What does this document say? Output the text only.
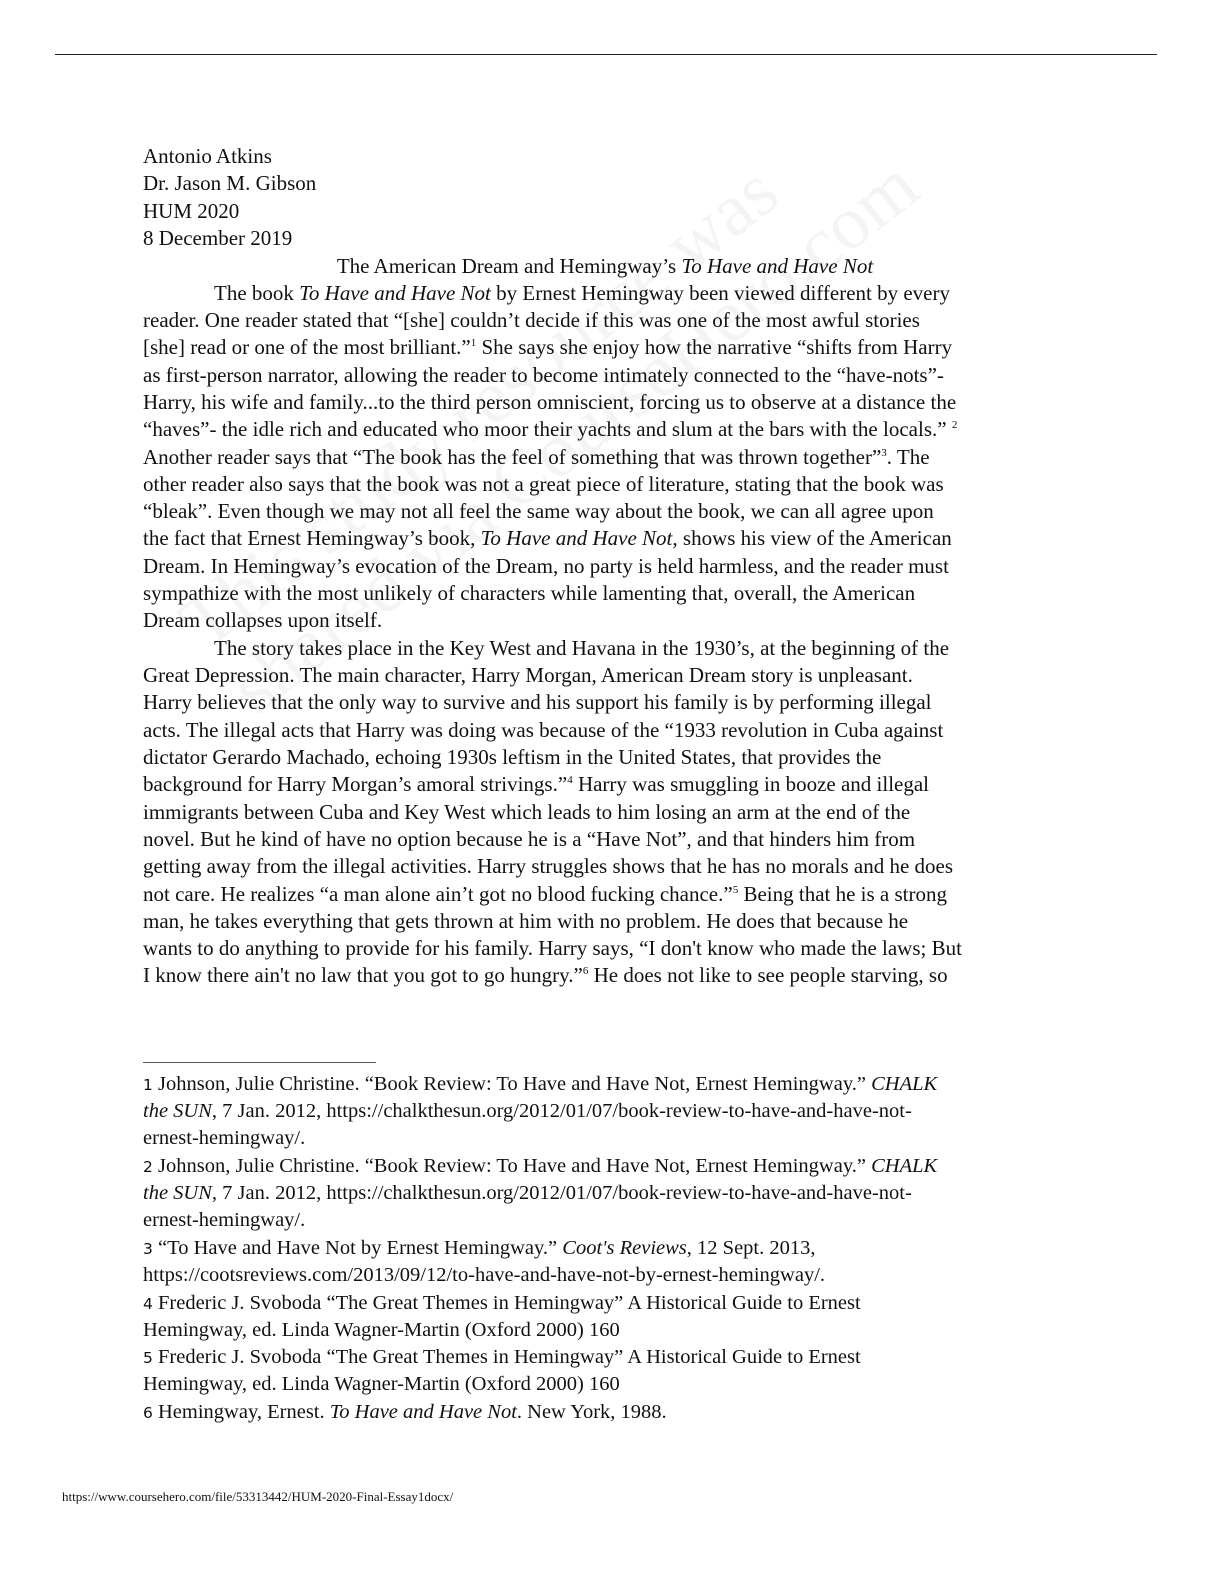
Antonio Atkins
Dr. Jason M. Gibson
HUM 2020
8 December 2019
The American Dream and Hemingway’s To Have and Have Not
The book To Have and Have Not by Ernest Hemingway been viewed different by every
reader. One reader stated that “[she] couldn’t decide if this was one of the most awful stories
[she] read or one of the most brilliant.”$^1$ She says she enjoy how the narrative “shifts from Harry
as first-person narrator, allowing the reader to become intimately connected to the “have-nots”-
Harry, his wife and family...to the third person omniscient, forcing us to observe at a distance the
“haves”- the idle rich and educated who moor their yachts and slum at the bars with the locals.” $^2$
Another reader says that “The book has the feel of something that was thrown together”$^3$. The
other reader also says that the book was not a great piece of literature, stating that the book was
“bleak”. Even though we may not all feel the same way about the book, we can all agree upon
the fact that Ernest Hemingway’s book, To Have and Have Not, shows his view of the American
Dream. In Hemingway’s evocation of the Dream, no party is held harmless, and the reader must
sympathize with the most unlikely of characters while lamenting that, overall, the American
Dream collapses upon itself.
The story takes place in the Key West and Havana in the 1930’s, at the beginning of the
Great Depression. The main character, Harry Morgan, American Dream story is unpleasant.
Harry believes that the only way to survive and his support his family is by performing illegal
acts. The illegal acts that Harry was doing was because of the “1933 revolution in Cuba against
dictator Gerardo Machado, echoing 1930s leftism in the United States, that provides the
background for Harry Morgan’s amoral strivings.”$^4$ Harry was smuggling in booze and illegal
immigrants between Cuba and Key West which leads to him losing an arm at the end of the
novel. But he kind of have no option because he is a “Have Not”, and that hinders him from
getting away from the illegal activities. Harry struggles shows that he has no morals and he does
not care. He realizes “a man alone ain’t got no blood fucking chance.”$^5$ Being that he is a strong
man, he takes everything that gets thrown at him with no problem. He does that because he
wants to do anything to provide for his family. Harry says, “I don't know who made the laws; But
I know there ain't no law that you got to go hungry.”$^6$ He does not like to see people starving, so
1 Johnson, Julie Christine. “Book Review: To Have and Have Not, Ernest Hemingway.” CHALK
the SUN, 7 Jan. 2012, https://chalkthesun.org/2012/01/07/book-review-to-have-and-have-not-
ernest-hemingway/.
2 Johnson, Julie Christine. “Book Review: To Have and Have Not, Ernest Hemingway.” CHALK
the SUN, 7 Jan. 2012, https://chalkthesun.org/2012/01/07/book-review-to-have-and-have-not-
ernest-hemingway/.
3 “To Have and Have Not by Ernest Hemingway.” Coot's Reviews, 12 Sept. 2013,
https://cootsreviews.com/2013/09/12/to-have-and-have-not-by-ernest-hemingway/.
4 Frederic J. Svoboda “The Great Themes in Hemingway” A Historical Guide to Ernest
Hemingway, ed. Linda Wagner-Martin (Oxford 2000) 160
5 Frederic J. Svoboda “The Great Themes in Hemingway” A Historical Guide to Ernest
Hemingway, ed. Linda Wagner-Martin (Oxford 2000) 160
6 Hemingway, Ernest. To Have and Have Not. New York, 1988.
https://www.coursehero.com/file/53313442/HUM-2020-Final-Essay1docx/
